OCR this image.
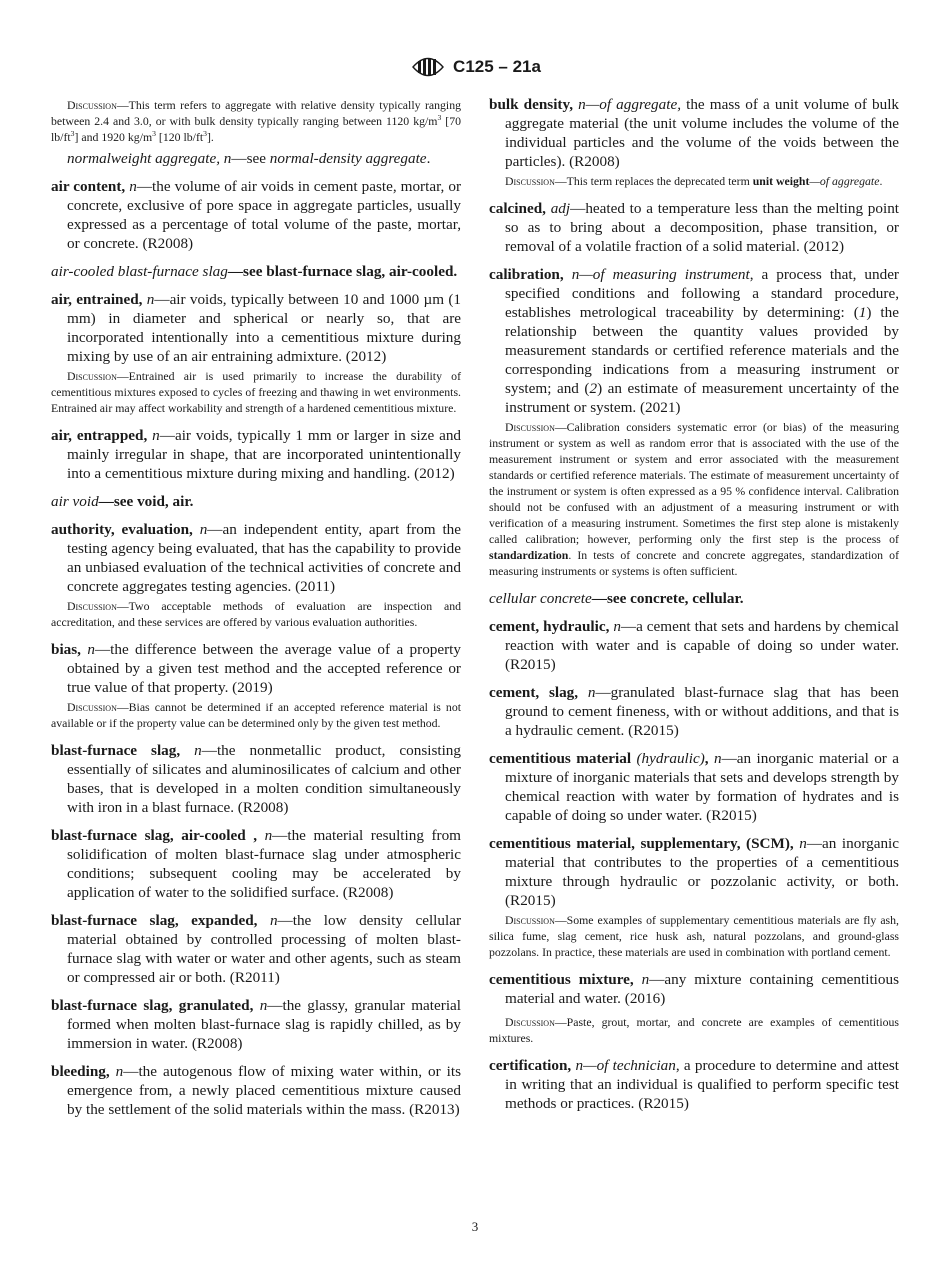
C125 – 21a
Discussion—This term refers to aggregate with relative density typically ranging between 2.4 and 3.0, or with bulk density typically ranging between 1120 $kg/m^3$ [70 $lb/ft^3$] and 1920 $kg/m^3$ [120 $lb/ft^3$].
normalweight aggregate, n—see normal-density aggregate.
air content, n—the volume of air voids in cement paste, mortar, or concrete, exclusive of pore space in aggregate particles, usually expressed as a percentage of total volume of the paste, mortar, or concrete. (R2008)
air-cooled blast-furnace slag—see blast-furnace slag, air-cooled.
air, entrained, n—air voids, typically between 10 and 1000 µm (1 mm) in diameter and spherical or nearly so, that are incorporated intentionally into a cementitious mixture during mixing by use of an air entraining admixture. (2012)
Discussion—Entrained air is used primarily to increase the durability of cementitious mixtures exposed to cycles of freezing and thawing in wet environments. Entrained air may affect workability and strength of a hardened cementitious mixture.
air, entrapped, n—air voids, typically 1 mm or larger in size and mainly irregular in shape, that are incorporated unintentionally into a cementitious mixture during mixing and handling. (2012)
air void—see void, air.
authority, evaluation, n—an independent entity, apart from the testing agency being evaluated, that has the capability to provide an unbiased evaluation of the technical activities of concrete and concrete aggregates testing agencies. (2011)
Discussion—Two acceptable methods of evaluation are inspection and accreditation, and these services are offered by various evaluation authorities.
bias, n—the difference between the average value of a property obtained by a given test method and the accepted reference or true value of that property. (2019)
Discussion—Bias cannot be determined if an accepted reference material is not available or if the property value can be determined only by the given test method.
blast-furnace slag, n—the nonmetallic product, consisting essentially of silicates and aluminosilicates of calcium and other bases, that is developed in a molten condition simultaneously with iron in a blast furnace. (R2008)
blast-furnace slag, air-cooled , n—the material resulting from solidification of molten blast-furnace slag under atmospheric conditions; subsequent cooling may be accelerated by application of water to the solidified surface. (R2008)
blast-furnace slag, expanded, n—the low density cellular material obtained by controlled processing of molten blast-furnace slag with water or water and other agents, such as steam or compressed air or both. (R2011)
blast-furnace slag, granulated, n—the glassy, granular material formed when molten blast-furnace slag is rapidly chilled, as by immersion in water. (R2008)
bleeding, n—the autogenous flow of mixing water within, or its emergence from, a newly placed cementitious mixture caused by the settlement of the solid materials within the mass. (R2013)
bulk density, n—of aggregate, the mass of a unit volume of bulk aggregate material (the unit volume includes the volume of the individual particles and the volume of the voids between the particles). (R2008)
Discussion—This term replaces the deprecated term unit weight—of aggregate.
calcined, adj—heated to a temperature less than the melting point so as to bring about a decomposition, phase transition, or removal of a volatile fraction of a solid material. (2012)
calibration, n—of measuring instrument, a process that, under specified conditions and following a standard procedure, establishes metrological traceability by determining: (1) the relationship between the quantity values provided by measurement standards or certified reference materials and the corresponding indications from a measuring instrument or system; and (2) an estimate of measurement uncertainty of the instrument or system. (2021)
Discussion—Calibration considers systematic error (or bias) of the measuring instrument or system as well as random error that is associated with the use of the measurement instrument or system and error associated with the measurement standards or certified reference materials. The estimate of measurement uncertainty of the instrument or system is often expressed as a 95 % confidence interval. Calibration should not be confused with an adjustment of a measuring instrument or with verification of a measuring instrument. Sometimes the first step alone is mistakenly called calibration; however, performing only the first step is the process of standardization. In tests of concrete and concrete aggregates, standardization of measuring instruments or systems is often sufficient.
cellular concrete—see concrete, cellular.
cement, hydraulic, n—a cement that sets and hardens by chemical reaction with water and is capable of doing so under water. (R2015)
cement, slag, n—granulated blast-furnace slag that has been ground to cement fineness, with or without additions, and that is a hydraulic cement. (R2015)
cementitious material (hydraulic), n—an inorganic material or a mixture of inorganic materials that sets and develops strength by chemical reaction with water by formation of hydrates and is capable of doing so under water. (R2015)
cementitious material, supplementary, (SCM), n—an inorganic material that contributes to the properties of a cementitious mixture through hydraulic or pozzolanic activity, or both. (R2015)
Discussion—Some examples of supplementary cementitious materials are fly ash, silica fume, slag cement, rice husk ash, natural pozzolans, and ground-glass pozzolans. In practice, these materials are used in combination with portland cement.
cementitious mixture, n—any mixture containing cementitious material and water. (2016)
Discussion—Paste, grout, mortar, and concrete are examples of cementitious mixtures.
certification, n—of technician, a procedure to determine and attest in writing that an individual is qualified to perform specific test methods or practices. (R2015)
3
